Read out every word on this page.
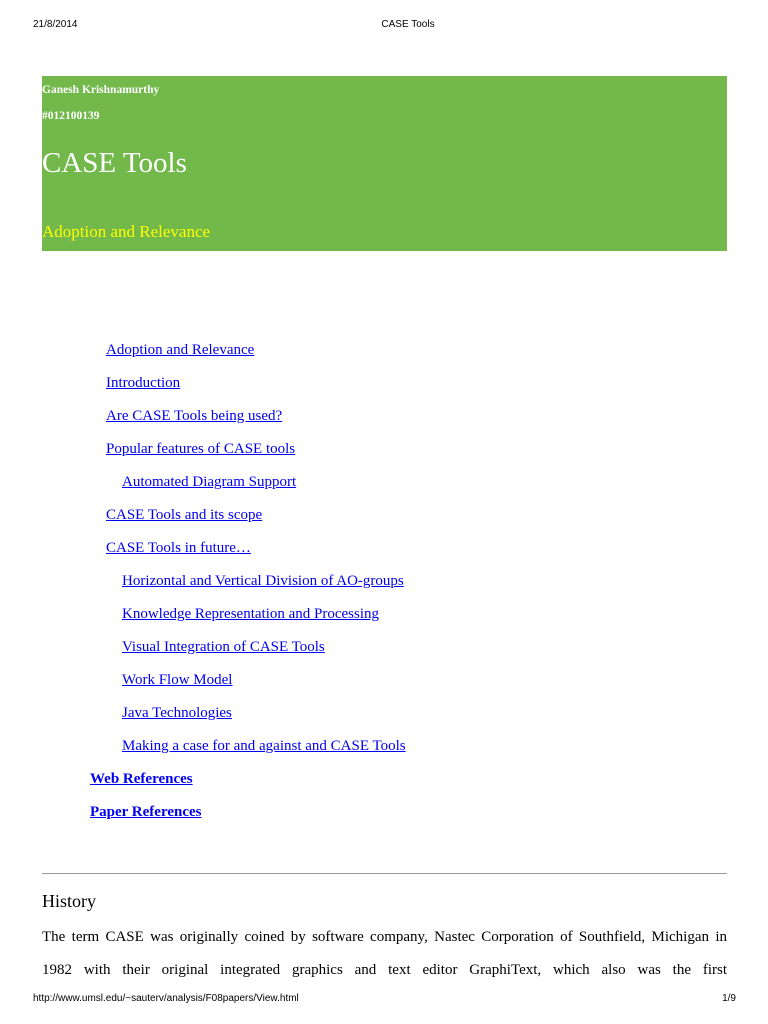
21/8/2014	CASE Tools
Ganesh Krishnamurthy
#012100139
CASE Tools
Adoption and Relevance
Adoption and Relevance
Introduction
Are CASE Tools being used?
Popular features of CASE tools
Automated Diagram Support
CASE Tools and its scope
CASE Tools in future…
Horizontal and Vertical Division of AO-groups
Knowledge Representation and Processing
Visual Integration of CASE Tools
Work Flow Model
Java Technologies
Making a case for and against and CASE Tools
Web References
Paper References
History
The term CASE was originally coined by software company, Nastec Corporation of Southfield, Michigan in
1982 with their original integrated graphics and text editor GraphiText, which also was the first
http://www.umsl.edu/~sauterv/analysis/F08papers/View.html	1/9
